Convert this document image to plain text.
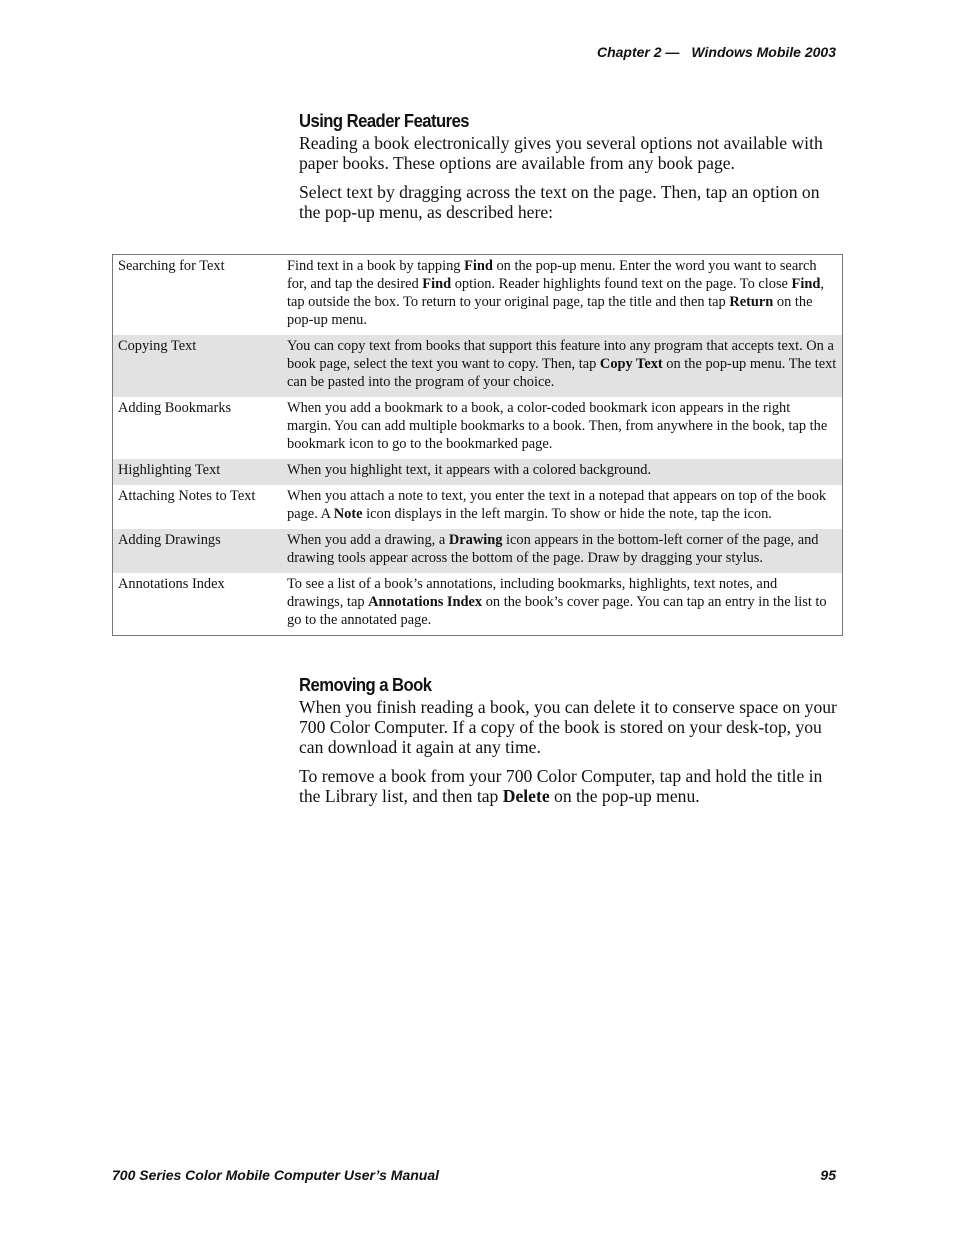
Chapter 2 — Windows Mobile 2003
Using Reader Features

Reading a book electronically gives you several options not available with paper books. These options are available from any book page.

Select text by dragging across the text on the page. Then, tap an option on the pop-up menu, as described here:

Searching for Text	Find text in a book by tapping Find on the pop-up menu. Enter the word you want to search for, and tap the desired Find option. Reader highlights found text on the page. To close Find, tap outside the box. To return to your original page, tap the title and then tap Return on the pop-up menu.
Copying Text	You can copy text from books that support this feature into any program that accepts text. On a book page, select the text you want to copy. Then, tap Copy Text on the pop-up menu. The text can be pasted into the program of your choice.
Adding Bookmarks	When you add a bookmark to a book, a color-coded bookmark icon appears in the right margin. You can add multiple bookmarks to a book. Then, from anywhere in the book, tap the bookmark icon to go to the bookmarked page.
Highlighting Text	When you highlight text, it appears with a colored background.
Attaching Notes to Text	When you attach a note to text, you enter the text in a notepad that appears on top of the book page. A Note icon displays in the left margin. To show or hide the note, tap the icon.
Adding Drawings	When you add a drawing, a Drawing icon appears in the bottom-left corner of the page, and drawing tools appear across the bottom of the page. Draw by dragging your stylus.
Annotations Index	To see a list of a book’s annotations, including bookmarks, highlights, text notes, and drawings, tap Annotations Index on the book’s cover page. You can tap an entry in the list to go to the annotated page.
Removing a Book

When you finish reading a book, you can delete it to conserve space on your 700 Color Computer. If a copy of the book is stored on your desk-top, you can download it again at any time.

To remove a book from your 700 Color Computer, tap and hold the title in the Library list, and then tap Delete on the pop-up menu.

700 Series Color Mobile Computer User’s Manual	95
